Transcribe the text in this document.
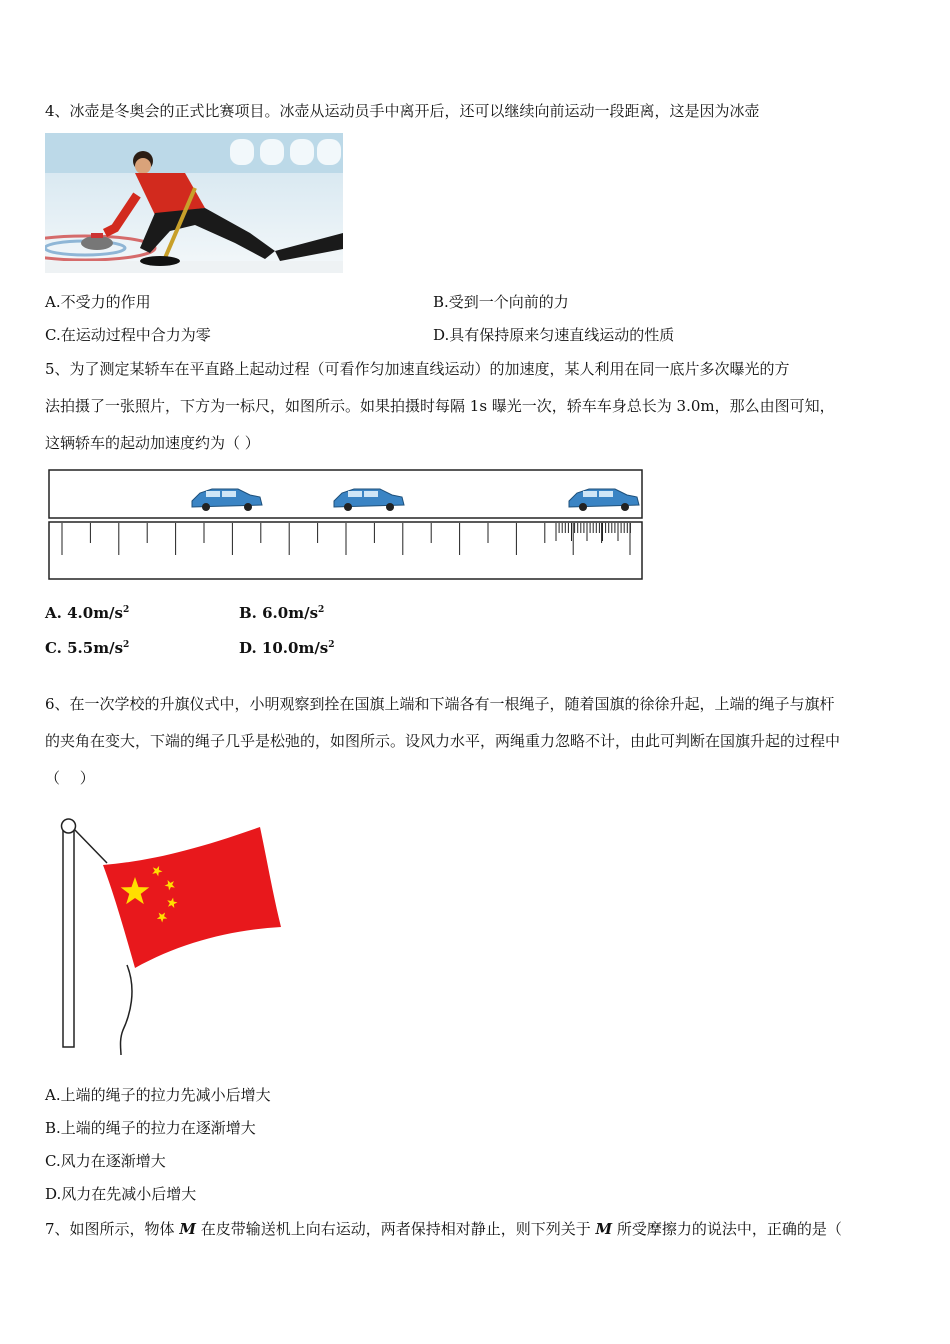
4、冰壶是冬奥会的正式比赛项目。冰壶从运动员手中离开后，还可以继续向前运动一段距离，这是因为冰壶
A.不受力的作用	B.受到一个向前的力
C.在运动过程中合力为零	D.具有保持原来匀速直线运动的性质
5、为了测定某轿车在平直路上起动过程（可看作匀加速直线运动）的加速度，某人利用在同一底片多次曝光的方
法拍摄了一张照片，下方为一标尺，如图所示。如果拍摄时每隔 1s 曝光一次，轿车车身总长为 3.0m，那么由图可知，
这辆轿车的起动加速度约为（ ）
A. $4.0m/s^2$	B. $6.0m/s^2$
C. $5.5m/s^2$	D. $10.0m/s^2$
6、在一次学校的升旗仪式中，小明观察到拴在国旗上端和下端各有一根绳子，随着国旗的徐徐升起，上端的绳子与旗杆
的夹角在变大，下端的绳子几乎是松弛的，如图所示。设风力水平，两绳重力忽略不计，由此可判断在国旗升起的过程中
（　 ）
A.上端的绳子的拉力先减小后增大
B.上端的绳子的拉力在逐渐增大
C.风力在逐渐增大
D.风力在先减小后增大
7、如图所示，物体 M 在皮带输送机上向右运动，两者保持相对静止，则下列关于 M 所受摩擦力的说法中，正确的是（
